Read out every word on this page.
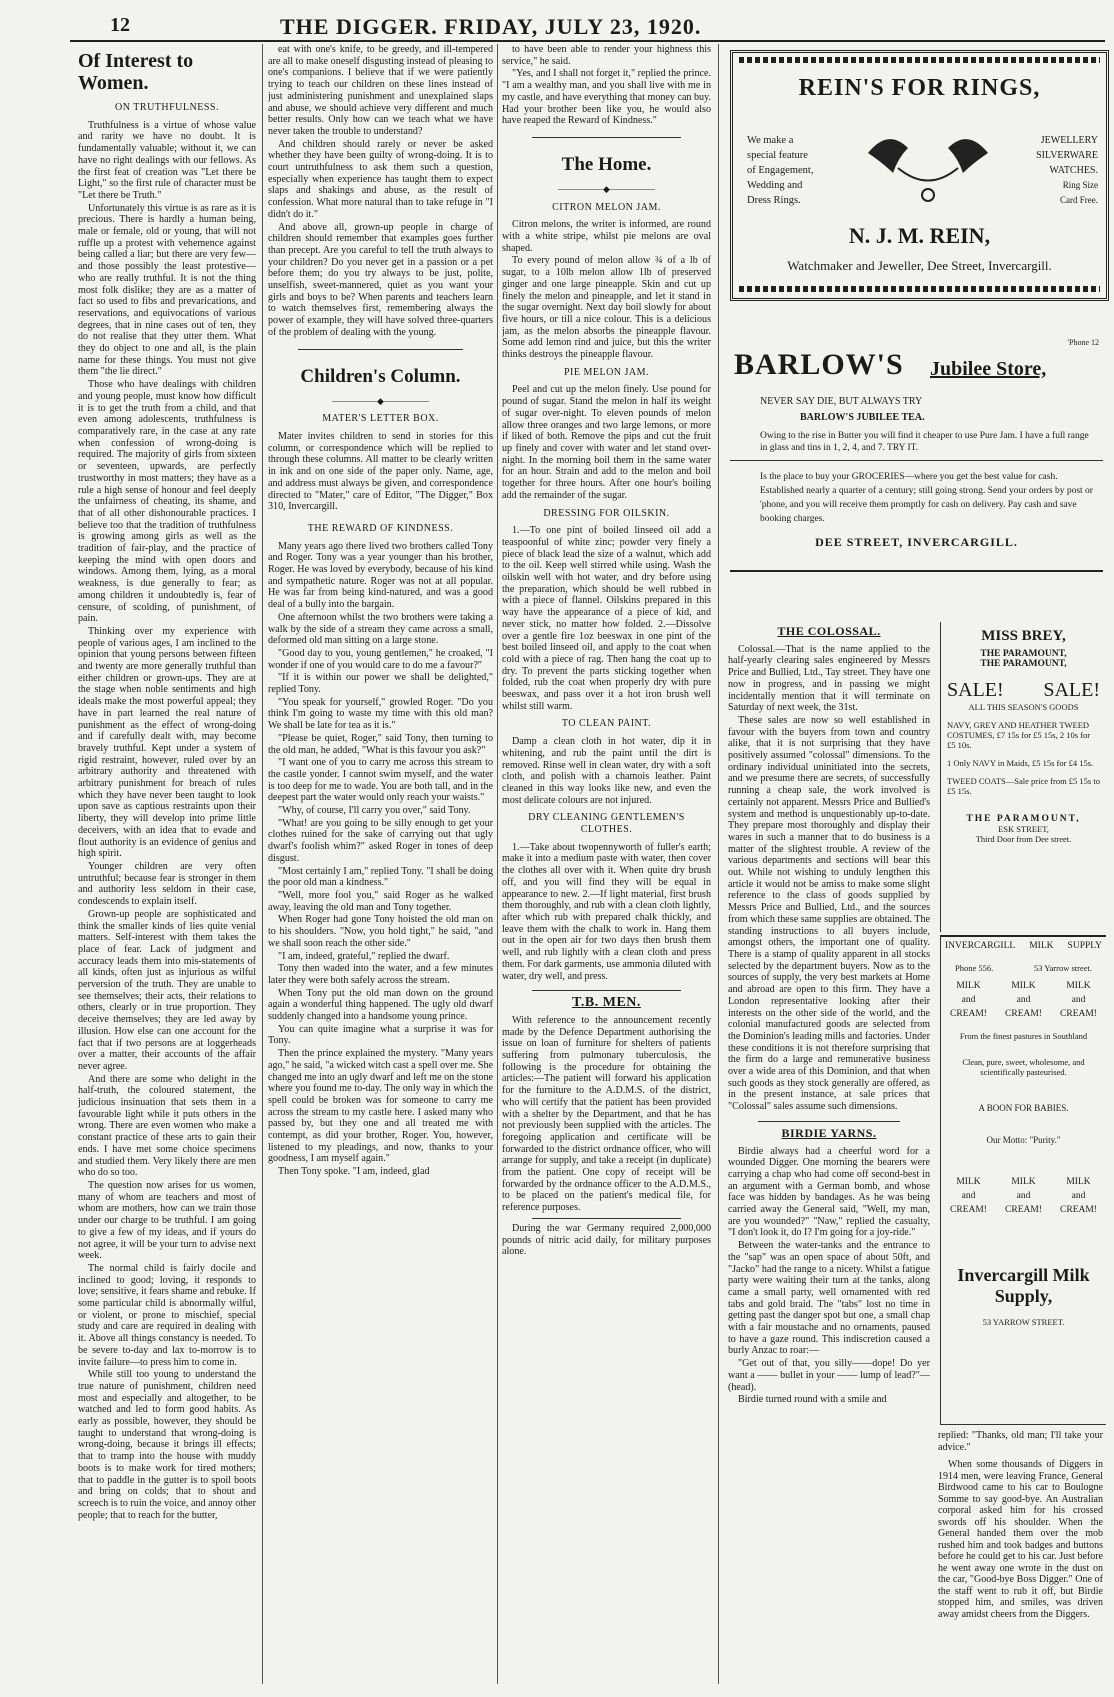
12	THE DIGGER. FRIDAY, JULY 23, 1920.
Of Interest to Women.
ON TRUTHFULNESS.

Truthfulness is a virtue of whose value and rarity we have no doubt. It is fundamentally valuable; without it, we can have no right dealings with our fellows. As the first feat of creation was "Let there be Light," so the first rule of character must be "Let there be Truth."

Unfortunately this virtue is as rare as it is precious. There is hardly a human being, male or female, old or young, that will not ruffle up a protest with vehemence against being called a liar; but there are very few—and those possibly the least protestive—who are really truthful. It is not the thing most folk dislike; they are as a matter of fact so used to fibs and prevarications, and reservations, and equivocations of various degrees, that in nine cases out of ten, they do not realise that they utter them. What they do object to one and all, is the plain name for these things. You must not give them "the lie direct."

Those who have dealings with children and young people, must know how difficult it is to get the truth from a child, and that even among adolescents, truthfulness is comparatively rare, in the case at any rate when confession of wrong-doing is required. The majority of girls from sixteen or seventeen, upwards, are perfectly trustworthy in most matters; they have as a rule a high sense of honour and feel deeply the unfairness of cheating, its shame, and that of all other dishonourable practices. I believe too that the tradition of truthfulness is growing among girls as well as the tradition of fair-play, and the practice of keeping the mind with open doors and windows. Among them, lying, as a moral weakness, is due generally to fear; as among children it undoubtedly is, fear of censure, of scolding, of punishment, of pain.

Thinking over my experience with people of various ages, I am inclined to the opinion that young persons between fifteen and twenty are more generally truthful than either children or grown-ups. They are at the stage when noble sentiments and high ideals make the most powerful appeal; they have in part learned the real nature of punishment as the effect of wrong-doing and if carefully dealt with, may become bravely truthful. Kept under a system of rigid restraint, however, ruled over by an arbitrary authority and threatened with arbitrary punishment for breach of rules which they have never been taught to look upon save as captious restraints upon their liberty, they will develop into prime little deceivers, with an idea that to evade and flout authority is an evidence of genius and high spirit.

Younger children are very often untruthful; because fear is stronger in them and authority less seldom in their case, condescends to explain itself.

Grown-up people are sophisticated and think the smaller kinds of lies quite venial matters. Self-interest with them takes the place of fear. Lack of judgment and accuracy leads them into mis-statements of all kinds, often just as injurious as wilful perversion of the truth. They are unable to see themselves; their acts, their relations to others, clearly or in true proportion. They deceive themselves; they are led away by illusion. How else can one account for the fact that if two persons are at loggerheads over a matter, their accounts of the affair never agree.

And there are some who delight in the half-truth, the coloured statement, the judicious insinuation that sets them in a favourable light while it puts others in the wrong. There are even women who make a constant practice of these arts to gain their ends. I have met some choice specimens and studied them. Very likely there are men who do so too.

The question now arises for us women, many of whom are teachers and most of whom are mothers, how can we train those under our charge to be truthful. I am going to give a few of my ideas, and if yours do not agree, it will be your turn to advise next week.

The normal child is fairly docile and inclined to good; loving, it responds to love; sensitive, it fears shame and rebuke. If some particular child is abnormally wilful, or violent, or prone to mischief, special study and care are required in dealing with it. Above all things constancy is needed. To be severe to-day and lax to-morrow is to invite failure—to press him to come in.

While still too young to understand the true nature of punishment, children need most and especially and altogether, to be watched and led to form good habits. As early as possible, however, they should be taught to understand that wrong-doing is wrong-doing, because it brings ill effects; that to tramp into the house with muddy boots is to make work for tired mothers; that to paddle in the gutter is to spoil boots and bring on colds; that to shout and screech is to ruin the voice, and annoy other people; that to reach for the butter,

eat with one's knife, to be greedy, and ill-tempered are all to make oneself disgusting instead of pleasing to one's companions. I believe that if we were patiently trying to teach our children on these lines instead of just administering punishment and unexplained slaps and abuse, we should achieve very different and much better results. Only how can we teach what we have never taken the trouble to understand?

And children should rarely or never be asked whether they have been guilty of wrong-doing. It is to court untruthfulness to ask them such a question, especially when experience has taught them to expect slaps and shakings and abuse, as the result of confession. What more natural than to take refuge in "I didn't do it."

And above all, grown-up people in charge of children should remember that examples goes further than precept. Are you careful to tell the truth always to your children? Do you never get in a passion or a pet before them; do you try always to be just, polite, unselfish, sweet-mannered, quiet as you want your girls and boys to be? When parents and teachers learn to watch themselves first, remembering always the power of example, they will have solved three-quarters of the problem of dealing with the young.

Children's Column.
—————◆—————
MATER'S LETTER BOX.

Mater invites children to send in stories for this column, or correspondence which will be replied to through these columns. All matter to be clearly written in ink and on one side of the paper only. Name, age, and address must always be given, and correspondence directed to "Mater," care of Editor, "The Digger," Box 310, Invercargill.

THE REWARD OF KINDNESS.

Many years ago there lived two brothers called Tony and Roger. Tony was a year younger than his brother, Roger. He was loved by everybody, because of his kind and sympathetic nature. Roger was not at all popular. He was far from being kind-natured, and was a good deal of a bully into the bargain.

One afternoon whilst the two brothers were taking a walk by the side of a stream they came across a small, deformed old man sitting on a large stone.

"Good day to you, young gentlemen," he croaked, "I wonder if one of you would care to do me a favour?"

"If it is within our power we shall be delighted," replied Tony.

"You speak for yourself," growled Roger. "Do you think I'm going to waste my time with this old man? We shall be late for tea as it is."

"Please be quiet, Roger," said Tony, then turning to the old man, he added, "What is this favour you ask?"

"I want one of you to carry me across this stream to the castle yonder. I cannot swim myself, and the water is too deep for me to wade. You are both tall, and in the deepest part the water would only reach your waists."

"Why, of course, I'll carry you over," said Tony.

"What! are you going to be silly enough to get your clothes ruined for the sake of carrying out that ugly dwarf's foolish whim?" asked Roger in tones of deep disgust.

"Most certainly I am," replied Tony. "I shall be doing the poor old man a kindness."

"Well, more fool you," said Roger as he walked away, leaving the old man and Tony together.

When Roger had gone Tony hoisted the old man on to his shoulders. "Now, you hold tight," he said, "and we shall soon reach the other side."

"I am, indeed, grateful," replied the dwarf.

Tony then waded into the water, and a few minutes later they were both safely across the stream.

When Tony put the old man down on the ground again a wonderful thing happened. The ugly old dwarf suddenly changed into a handsome young prince.

You can quite imagine what a surprise it was for Tony.

Then the prince explained the mystery. "Many years ago," he said, "a wicked witch cast a spell over me. She changed me into an ugly dwarf and left me on the stone where you found me to-day. The only way in which the spell could be broken was for someone to carry me across the stream to my castle here. I asked many who passed by, but they one and all treated me with contempt, as did your brother, Roger. You, however, listened to my pleadings, and now, thanks to your goodness, I am myself again."

Then Tony spoke. "I am, indeed, glad

to have been able to render your highness this service," he said.

"Yes, and I shall not forget it," replied the prince. "I am a wealthy man, and you shall live with me in my castle, and have everything that money can buy. Had your brother been like you, he would also have reaped the Reward of Kindness."

The Home.
—————◆—————
CITRON MELON JAM.

Citron melons, the writer is informed, are round with a white stripe, whilst pie melons are oval shaped.

To every pound of melon allow ¾ of a lb of sugar, to a 10lb melon allow 1lb of preserved ginger and one large pineapple. Skin and cut up finely the melon and pineapple, and let it stand in the sugar overnight. Next day boil slowly for about five hours, or till a nice colour. This is a delicious jam, as the melon absorbs the pineapple flavour. Some add lemon rind and juice, but this the writer thinks destroys the pineapple flavour.

PIE MELON JAM.

Peel and cut up the melon finely. Use pound for pound of sugar. Stand the melon in half its weight of sugar over-night. To eleven pounds of melon allow three oranges and two large lemons, or more if liked of both. Remove the pips and cut the fruit up finely and cover with water and let stand over-night. In the morning boil them in the same water for an hour. Strain and add to the melon and boil together for three hours. After one hour's boiling add the remainder of the sugar.

DRESSING FOR OILSKIN.

1.—To one pint of boiled linseed oil add a teaspoonful of white zinc; powder very finely a piece of black lead the size of a walnut, which add to the oil. Keep well stirred while using. Wash the oilskin well with hot water, and dry before using the preparation, which should be well rubbed in with a piece of flannel. Oilskins prepared in this way have the appearance of a piece of kid, and never stick, no matter how folded. 2.—Dissolve over a gentle fire 1oz beeswax in one pint of the best boiled linseed oil, and apply to the coat when cold with a piece of rag. Then hang the coat up to dry. To prevent the parts sticking together when folded, rub the coat when properly dry with pure beeswax, and pass over it a hot iron brush well whilst still warm.

TO CLEAN PAINT.

Damp a clean cloth in hot water, dip it in whitening, and rub the paint until the dirt is removed. Rinse well in clean water, dry with a soft cloth, and polish with a chamois leather. Paint cleaned in this way looks like new, and even the most delicate colours are not injured.

DRY CLEANING GENTLEMEN'S CLOTHES.

1.—Take about twopennyworth of fuller's earth; make it into a medium paste with water, then cover the clothes all over with it. When quite dry brush off, and you will find they will be equal in appearance to new. 2.—If light material, first brush them thoroughly, and rub with a clean cloth lightly, after which rub with prepared chalk thickly, and leave them with the chalk to work in. Hang them out in the open air for two days then brush them well, and rub lightly with a clean cloth and press them. For dark garments, use ammonia diluted with water, dry well, and press.

T.B. MEN.

With reference to the announcement recently made by the Defence Department authorising the issue on loan of furniture for shelters of patients suffering from pulmonary tuberculosis, the following is the procedure for obtaining the articles:—The patient will forward his application for the furniture to the A.D.M.S. of the district, who will certify that the patient has been provided with a shelter by the Department, and that he has not previously been supplied with the articles. The foregoing application and certificate will be forwarded to the district ordnance officer, who will arrange for supply, and take a receipt (in duplicate) from the patient. One copy of receipt will be forwarded by the ordnance officer to the A.D.M.S., to be placed on the patient's medical file, for reference purposes.

During the war Germany required 2,000,000 pounds of nitric acid daily, for military purposes alone.

REIN'S FOR RINGS,
We make a
special feature
of Engagement,
Wedding and
Dress Rings.
JEWELLERY
SILVERWARE
WATCHES.
Ring Size
Card Free.
N. J. M. REIN,
Watchmaker and Jeweller, Dee Street, Invercargill.
'Phone 12
BARLOW'S Jubilee Store,
NEVER SAY DIE, BUT ALWAYS TRY
BARLOW'S JUBILEE TEA.
Owing to the rise in Butter you will find it cheaper to use Pure Jam. I have a full range in glass and tins in 1, 2, 4, and 7. TRY IT.
Is the place to buy your GROCERIES—where you get the best value for cash. Established nearly a quarter of a century; still going strong. Send your orders by post or 'phone, and you will receive them promptly for cash on delivery. Pay cash and save booking charges.
DEE STREET, INVERCARGILL.
THE COLOSSAL.

Colossal.—That is the name applied to the half-yearly clearing sales engineered by Messrs Price and Bullied, Ltd., Tay street. They have one now in progress, and in passing we might incidentally mention that it will terminate on Saturday of next week, the 31st.

These sales are now so well established in favour with the buyers from town and country alike, that it is not surprising that they have positively assumed "colossal" dimensions. To the ordinary individual uninitiated into the secrets, and we presume there are secrets, of successfully running a cheap sale, the work involved is certainly not apparent. Messrs Price and Bullied's system and method is unquestionably up-to-date. They prepare most thoroughly and display their wares in such a manner that to do business is a matter of the slightest trouble. A review of the various departments and sections will bear this out. While not wishing to unduly lengthen this article it would not be amiss to make some slight reference to the class of goods supplied by Messrs Price and Bullied, Ltd., and the sources from which these same supplies are obtained. The standing instructions to all buyers include, amongst others, the important one of quality. There is a stamp of quality apparent in all stocks selected by the department buyers. Now as to the sources of supply, the very best markets at Home and abroad are open to this firm. They have a London representative looking after their interests on the other side of the world, and the colonial manufactured goods are selected from the Dominion's leading mills and factories. Under these conditions it is not therefore surprising that the firm do a large and remunerative business over a wide area of this Dominion, and that when such goods as they stock generally are offered, as in the present instance, at sale prices that "Colossal" sales assume such dimensions.

BIRDIE YARNS.

Birdie always had a cheerful word for a wounded Digger. One morning the bearers were carrying a chap who had come off second-best in an argument with a German bomb, and whose face was hidden by bandages. As he was being carried away the General said, "Well, my man, are you wounded?" "Naw," replied the casualty, "I don't look it, do I? I'm going for a joy-ride."

Between the water-tanks and the entrance to the "sap" was an open space of about 50ft, and "Jacko" had the range to a nicety. Whilst a fatigue party were waiting their turn at the tanks, along came a small party, well ornamented with red tabs and gold braid. The "tabs" lost no time in getting past the danger spot but one, a small chap with a fair moustache and no ornaments, paused to have a gaze round. This indiscretion caused a burly Anzac to roar:—

"Get out of that, you silly——dope! Do yer want a —— bullet in your —— lump of lead?"—(head).

Birdie turned round with a smile and

MISS BREY,
THE PARAMOUNT,
THE PARAMOUNT,
SALE! SALE!
ALL THIS SEASON'S GOODS
NAVY, GREY AND HEATHER TWEED COSTUMES, £7 15s for £5 15s, 2 10s for £5 10s.
1 Only NAVY in Maids, £5 15s for £4 15s.
TWEED COATS—Sale price from £5 15s to £5 15s.
THE PARAMOUNT,
ESK STREET,
Third Door from Dee street.
INVERCARGILL MILK SUPPLY
Phone 556.	53 Yarrow street.
MILK
and
CREAM!
MILK
and
CREAM!
MILK
and
CREAM!
From the finest pastures in Southland
Clean, pure, sweet, wholesome, and scientifically pasteurised.
A BOON FOR BABIES.
Our Motto: "Purity."
MILK
and
CREAM!
MILK
and
CREAM!
MILK
and
CREAM!
Invercargill Milk
Supply,
53 YARROW STREET.

replied: "Thanks, old man; I'll take your advice."

When some thousands of Diggers in 1914 men, were leaving France, General Birdwood came to his car to Boulogne Somme to say good-bye. An Australian corporal asked him for his crossed swords off his shoulder. When the General handed them over the mob rushed him and took badges and buttons before he could get to his car. Just before he went away one wrote in the dust on the car, "Good-bye Boss Digger." One of the staff went to rub it off, but Birdie stopped him, and smiles, was driven away amidst cheers from the Diggers.
